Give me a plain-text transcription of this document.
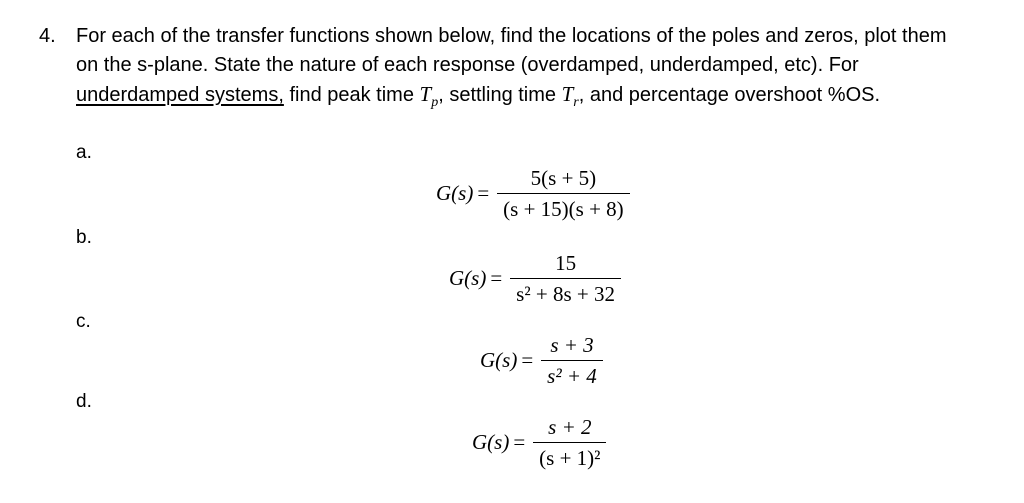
4. For each of the transfer functions shown below, find the locations of the poles and zeros, plot them
on the s-plane. State the nature of each response (overdamped, underdamped, etc). For
underdamped systems, find peak time $T_p$, settling time $T_r$, and percentage overshoot %OS.
a.
$G(s) = \frac{5(s + 5)}{(s + 15)(s + 8)}$
b.
$G(s) = \frac{15}{\text{s² + 8s + 32}}$
c.
$G(s) = \frac{s + 3}{\text{s² + 4}}$
d.
$G(s) = \frac{s + 2}{\text{(s + 1)²}}$
